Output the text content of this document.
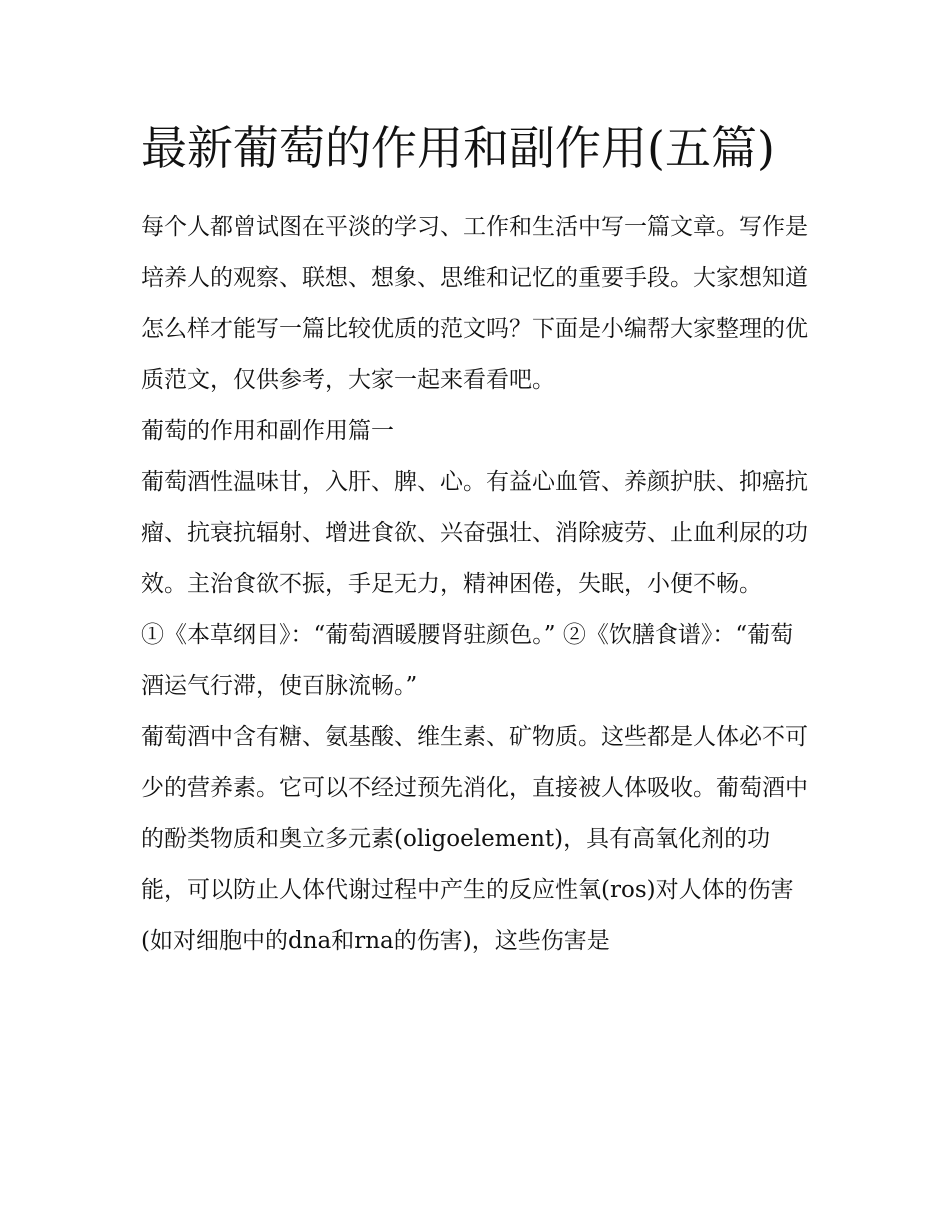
最新葡萄的作用和副作用(五篇)

每个人都曾试图在平淡的学习、工作和生活中写一篇文章。写作是培养人的观察、联想、想象、思维和记忆的重要手段。大家想知道怎么样才能写一篇比较优质的范文吗？下面是小编帮大家整理的优质范文，仅供参考，大家一起来看看吧。

葡萄的作用和副作用篇一

葡萄酒性温味甘，入肝、脾、心。有益心血管、养颜护肤、抑癌抗瘤、抗衰抗辐射、增进食欲、兴奋强壮、消除疲劳、止血利尿的功效。主治食欲不振，手足无力，精神困倦，失眠，小便不畅。

①《本草纲目》：“葡萄酒暖腰肾驻颜色。” ②《饮膳食谱》：“葡萄酒运气行滞，使百脉流畅。”

葡萄酒中含有糖、氨基酸、维生素、矿物质。这些都是人体必不可少的营养素。它可以不经过预先消化，直接被人体吸收。葡萄酒中的酚类物质和奥立多元素(oligoelement)，具有高氧化剂的功能，可以防止人体代谢过程中产生的反应性氧(ros)对人体的伤害(如对细胞中的dna和rna的伤害)，这些伤害是
